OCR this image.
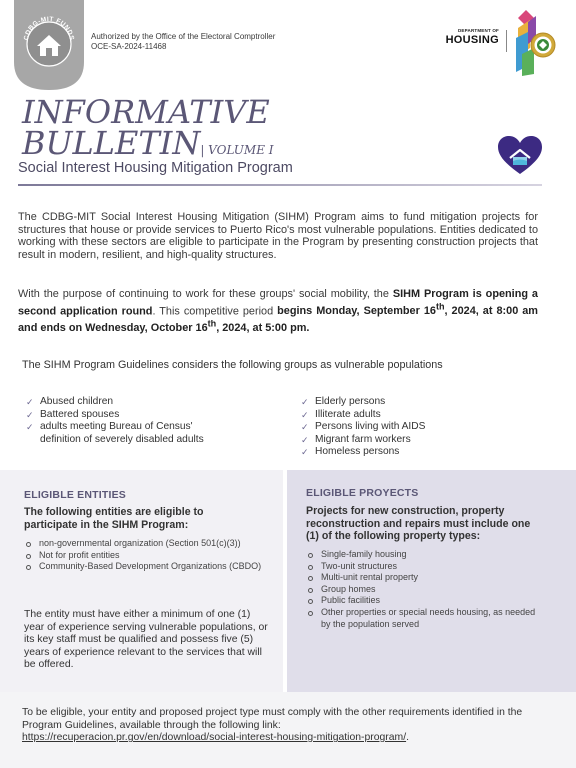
CDBG-MIT FUNDS Authorized by the Office of the Electoral Comptroller
OCE-SA-2024-11468
DEPARTMENT OF
HOUSING
INFORMATIVE
BULLETIN| VOLUME I
Social Interest Housing Mitigation Program

The CDBG-MIT Social Interest Housing Mitigation (SIHM) Program aims to fund mitigation projects for structures that house or provide services to Puerto Rico's most vulnerable populations. Entities dedicated to working with these sectors are eligible to participate in the Program by presenting construction projects that result in modern, resilient, and high-quality structures.

With the purpose of continuing to work for these groups' social mobility, the SIHM Program is opening a second application round. This competitive period begins Monday, September 16th, 2024, at 8:00 am and ends on Wednesday, October 16th, 2024, at 5:00 pm.

The SIHM Program Guidelines considers the following groups as vulnerable populations
✓ Abused children
✓ Battered spouses
✓ adults meeting Bureau of Census' definition of severely disabled adults
✓ Elderly persons
✓ Illiterate adults
✓ Persons living with AIDS
✓ Migrant farm workers
✓ Homeless persons
ELIGIBLE ENTITIES
The following entities are eligible to participate in the SIHM Program:
non-governmental organization (Section 501(c)(3))
Not for profit entities
Community-Based Development Organizations (CBDO)

The entity must have either a minimum of one (1) year of experience serving vulnerable populations, or its key staff must be qualified and possess five (5) years of experience relevant to the services that will be offered.

ELIGIBLE PROYECTS
Projects for new construction, property reconstruction and repairs must include one (1) of the following property types:
Single-family housing
Two-unit structures
Multi-unit rental property
Group homes
Public facilities
Other properties or special needs housing, as needed by the population served
To be eligible, your entity and proposed project type must comply with the other requirements identified in the Program Guidelines, available through the following link:
https://recuperacion.pr.gov/en/download/social-interest-housing-mitigation-program/.
